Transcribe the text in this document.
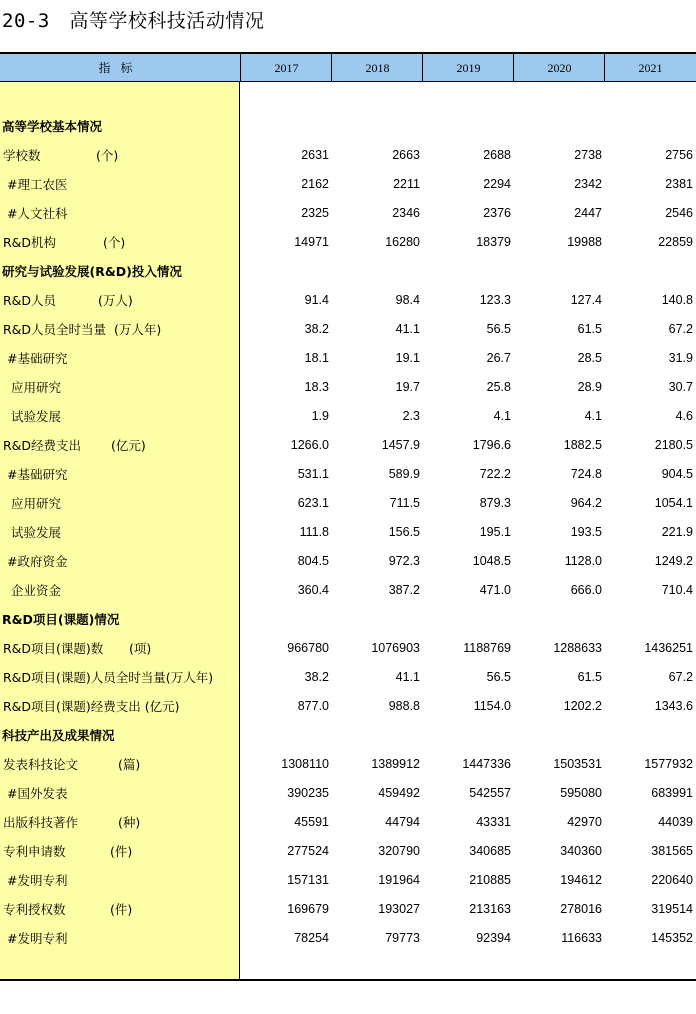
20-3 高等学校科技活动情况
指标	2017	2018	2019	2020	2021
高等学校基本情况
学校数	(个)	2631	2663	2688	2738	2756
#理工农医	2162	2211	2294	2342	2381
#人文社科	2325	2346	2376	2447	2546
R&D机构	(个)	14971	16280	18379	19988	22859
研究与试验发展(R&D)投入情况
R&D人员	(万人)	91.4	98.4	123.3	127.4	140.8
R&D人员全时当量  (万人年)	38.2	41.1	56.5	61.5	67.2
#基础研究	18.1	19.1	26.7	28.5	31.9
应用研究	18.3	19.7	25.8	28.9	30.7
试验发展	1.9	2.3	4.1	4.1	4.6
R&D经费支出 (亿元)	1266.0	1457.9	1796.6	1882.5	2180.5
#基础研究	531.1	589.9	722.2	724.8	904.5
应用研究	623.1	711.5	879.3	964.2	1054.1
试验发展	111.8	156.5	195.1	193.5	221.9
#政府资金	804.5	972.3	1048.5	1128.0	1249.2
企业资金	360.4	387.2	471.0	666.0	710.4
R&D项目(课题)情况
R&D项目(课题)数 (项)	966780	1076903	1188769	1288633	1436251
R&D项目(课题)人员全时当量(万人年)	38.2	41.1	56.5	61.5	67.2
R&D项目(课题)经费支出 (亿元)	877.0	988.8	1154.0	1202.2	1343.6
科技产出及成果情况
发表科技论文	(篇)	1308110	1389912	1447336	1503531	1577932
#国外发表	390235	459492	542557	595080	683991
出版科技著作	(种)	45591	44794	43331	42970	44039
专利申请数	(件)	277524	320790	340685	340360	381565
#发明专利	157131	191964	210885	194612	220640
专利授权数	(件)	169679	193027	213163	278016	319514
#发明专利	78254	79773	92394	116633	145352
